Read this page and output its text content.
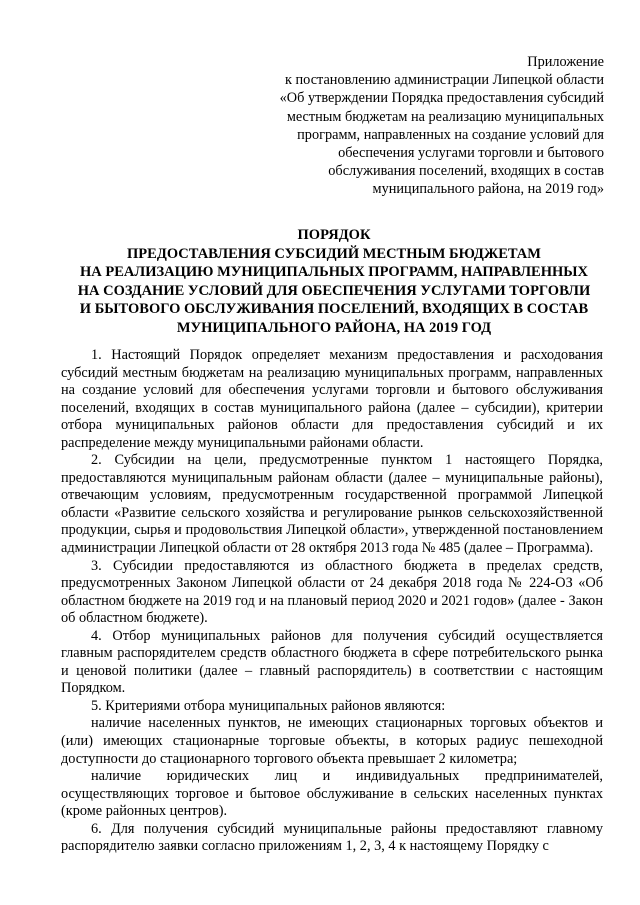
Приложение
к постановлению администрации Липецкой области
«Об утверждении Порядка предоставления субсидий
местным бюджетам на реализацию муниципальных
программ, направленных на создание условий для
обеспечения услугами торговли и бытового
обслуживания поселений, входящих в состав
муниципального района, на 2019 год»
ПОРЯДОК
ПРЕДОСТАВЛЕНИЯ СУБСИДИЙ МЕСТНЫМ БЮДЖЕТАМ
НА РЕАЛИЗАЦИЮ МУНИЦИПАЛЬНЫХ ПРОГРАММ, НАПРАВЛЕННЫХ
НА СОЗДАНИЕ УСЛОВИЙ ДЛЯ ОБЕСПЕЧЕНИЯ УСЛУГАМИ ТОРГОВЛИ
И БЫТОВОГО ОБСЛУЖИВАНИЯ ПОСЕЛЕНИЙ, ВХОДЯЩИХ В СОСТАВ
МУНИЦИПАЛЬНОГО РАЙОНА, НА 2019 ГОД

1. Настоящий Порядок определяет механизм предоставления и расходования субсидий местным бюджетам на реализацию муниципальных программ, направленных на создание условий для обеспечения услугами торговли и бытового обслуживания поселений, входящих в состав муниципального района (далее – субсидии), критерии отбора муниципальных районов области для предоставления субсидий и их распределение между муниципальными районами области.

2. Субсидии на цели, предусмотренные пунктом 1 настоящего Порядка, предоставляются муниципальным районам области (далее – муниципальные районы), отвечающим условиям, предусмотренным государственной программой Липецкой области «Развитие сельского хозяйства и регулирование рынков сельскохозяйственной продукции, сырья и продовольствия Липецкой области», утвержденной постановлением администрации Липецкой области от 28 октября 2013 года № 485 (далее – Программа).

3. Субсидии предоставляются из областного бюджета в пределах средств, предусмотренных Законом Липецкой области от 24 декабря 2018 года № 224-ОЗ «Об областном бюджете на 2019 год и на плановый период 2020 и 2021 годов» (далее - Закон об областном бюджете).

4. Отбор муниципальных районов для получения субсидий осуществляется главным распорядителем средств областного бюджета в сфере потребительского рынка и ценовой политики (далее – главный распорядитель) в соответствии с настоящим Порядком.

5. Критериями отбора муниципальных районов являются:

наличие населенных пунктов, не имеющих стационарных торговых объектов и (или) имеющих стационарные торговые объекты, в которых радиус пешеходной доступности до стационарного торгового объекта превышает 2 километра;

наличие юридических лиц и индивидуальных предпринимателей, осуществляющих торговое и бытовое обслуживание в сельских населенных пунктах (кроме районных центров).

6. Для получения субсидий муниципальные районы предоставляют главному распорядителю заявки согласно приложениям 1, 2, 3, 4 к настоящему Порядку с
